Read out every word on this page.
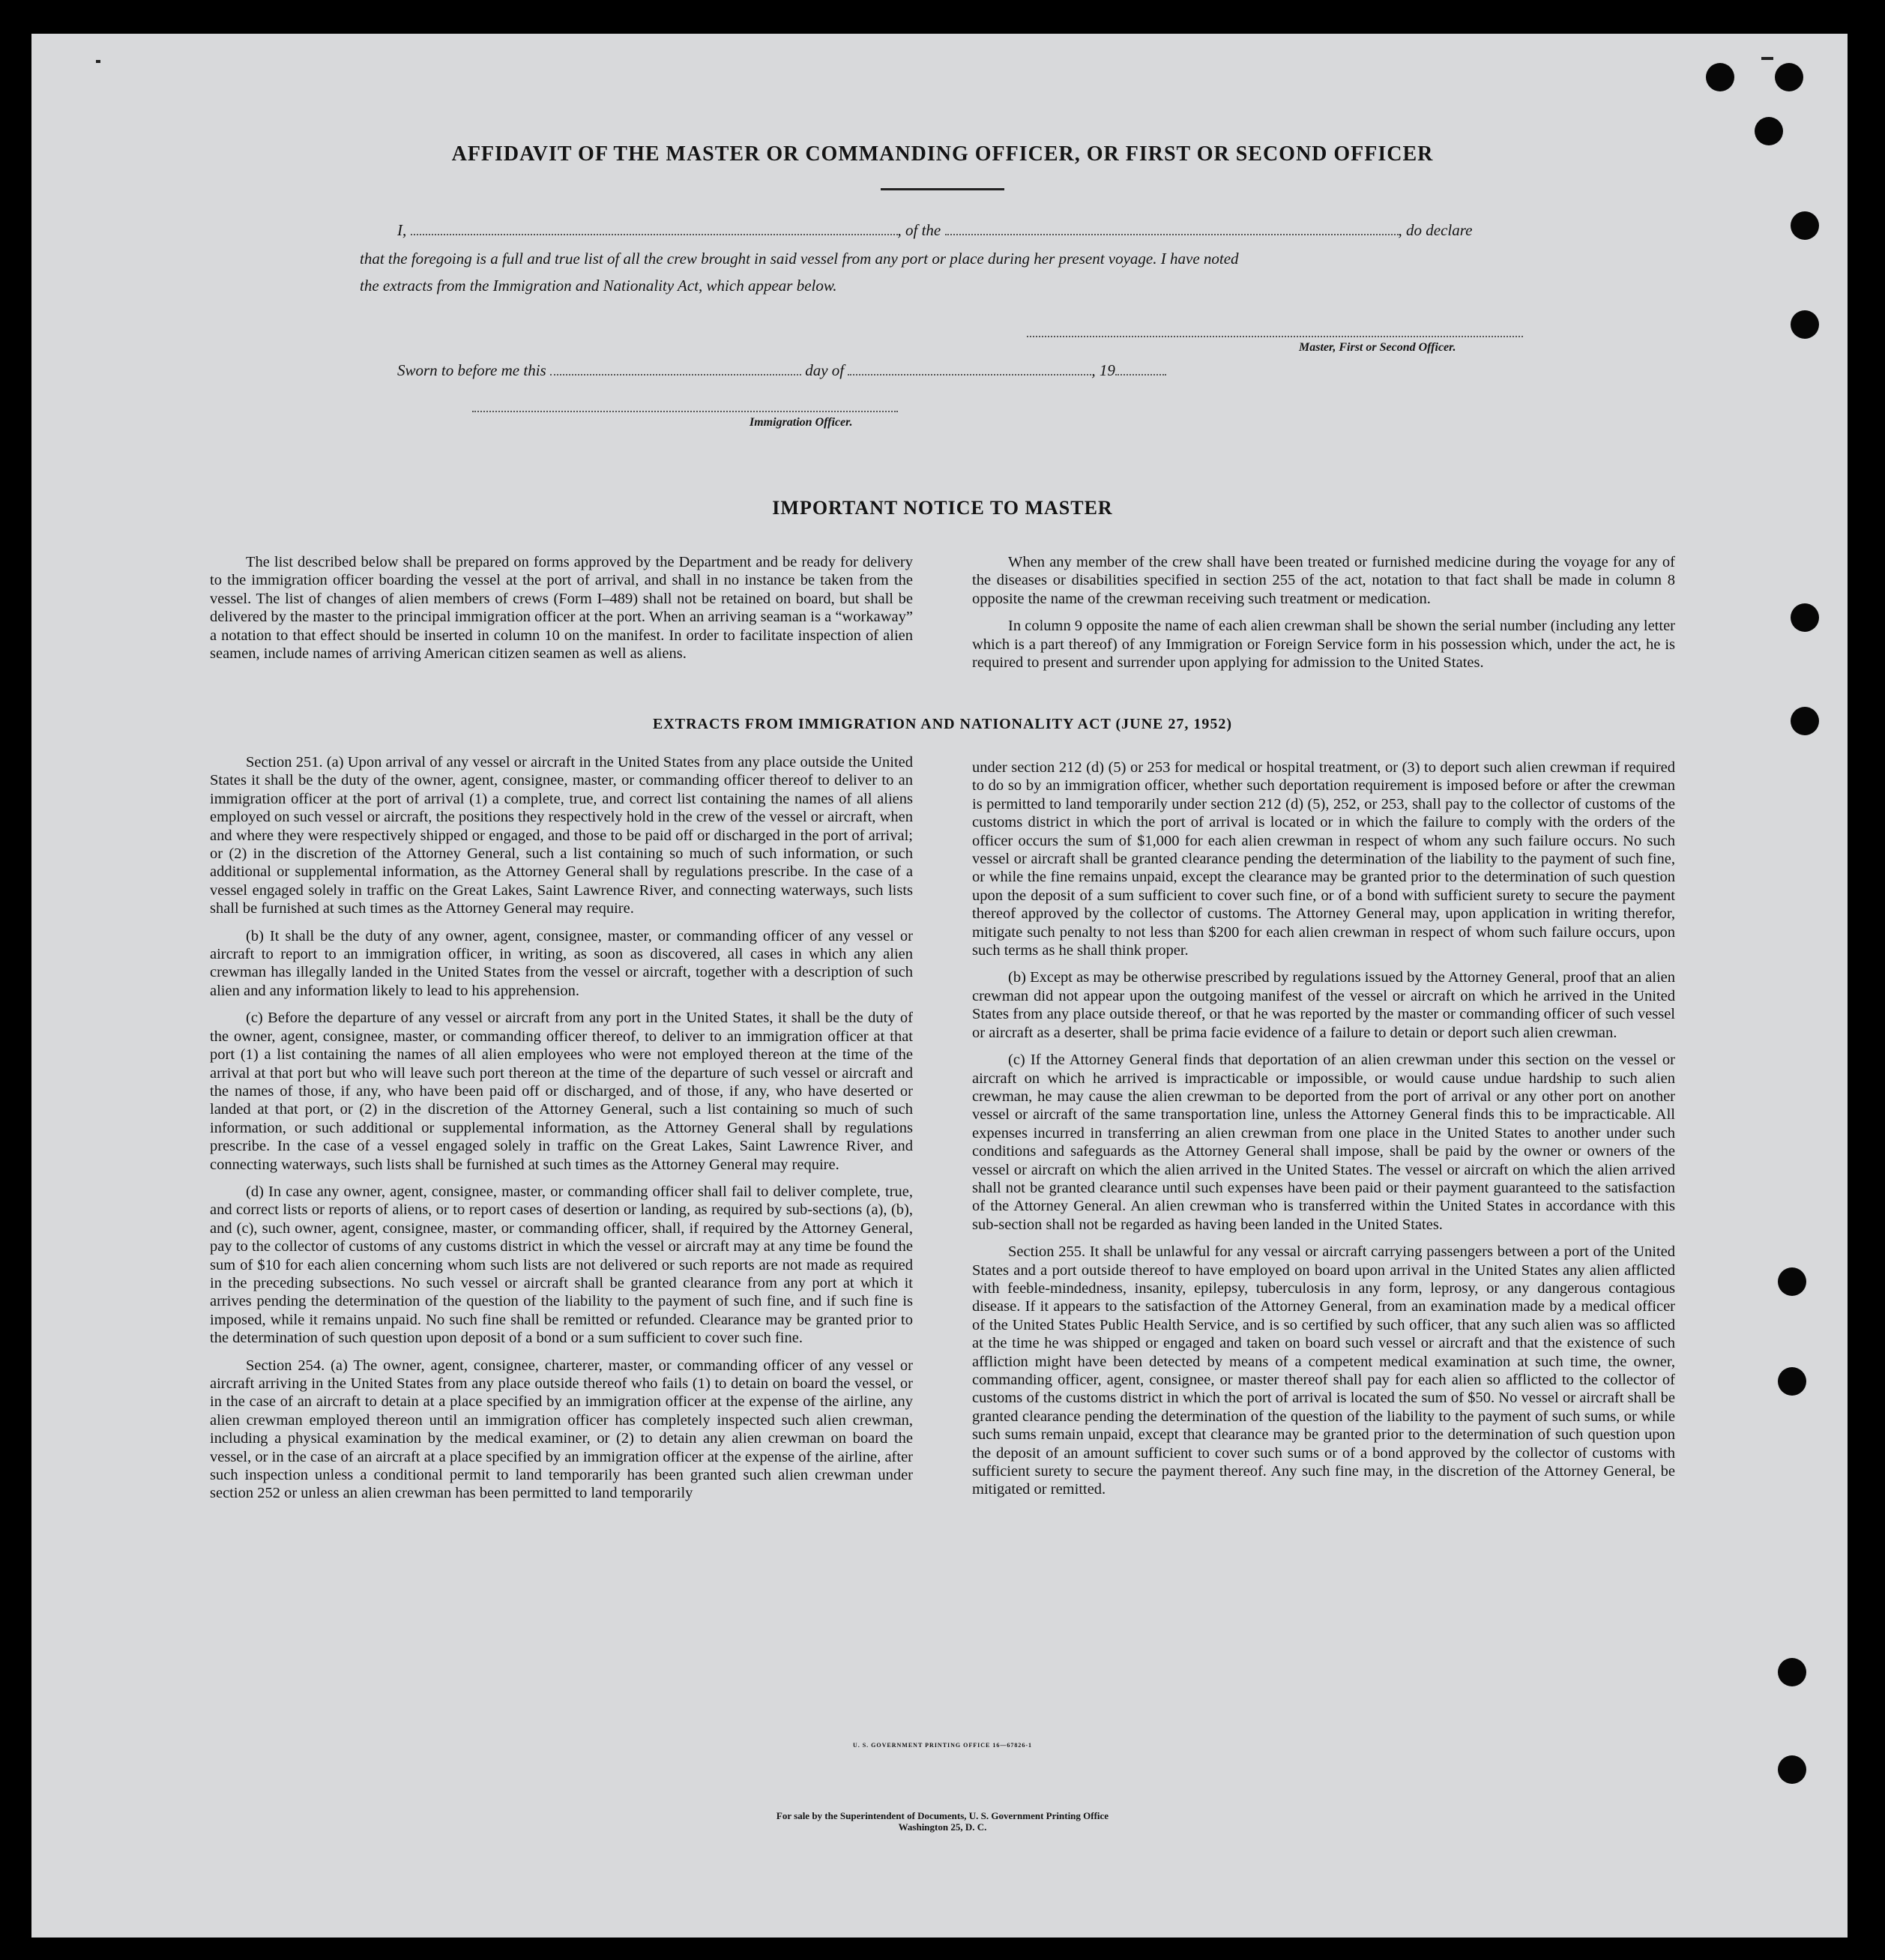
AFFIDAVIT OF THE MASTER OR COMMANDING OFFICER, OR FIRST OR SECOND OFFICER
I,	, of the	, do declare
that the foregoing is a full and true list of all the crew brought in said vessel from any port or place during her present voyage. I have noted
the extracts from the Immigration and Nationality Act, which appear below.
Master, First or Second Officer.
Sworn to before me this	day of	, 19
Immigration Officer.
IMPORTANT NOTICE TO MASTER

The list described below shall be prepared on forms approved by the Department and be ready for delivery to the immigration officer boarding the vessel at the port of arrival, and shall in no instance be taken from the vessel. The list of changes of alien members of crews (Form I–489) shall not be retained on board, but shall be delivered by the master to the principal immigration officer at the port. When an arriving seaman is a “workaway” a notation to that effect should be inserted in column 10 on the manifest. In order to facilitate inspection of alien seamen, include names of arriving American citizen seamen as well as aliens.

When any member of the crew shall have been treated or furnished medicine during the voyage for any of the diseases or disabilities specified in section 255 of the act, notation to that fact shall be made in column 8 opposite the name of the crewman receiving such treatment or medication.

In column 9 opposite the name of each alien crewman shall be shown the serial number (including any letter which is a part thereof) of any Immigration or Foreign Service form in his possession which, under the act, he is required to present and surrender upon applying for admission to the United States.

EXTRACTS FROM IMMIGRATION AND NATIONALITY ACT (JUNE 27, 1952)

Section 251. (a) Upon arrival of any vessel or aircraft in the United States from any place outside the United States it shall be the duty of the owner, agent, consignee, master, or commanding officer thereof to deliver to an immigration officer at the port of arrival (1) a complete, true, and correct list containing the names of all aliens employed on such vessel or aircraft, the positions they respectively hold in the crew of the vessel or aircraft, when and where they were respectively shipped or engaged, and those to be paid off or discharged in the port of arrival; or (2) in the discretion of the Attorney General, such a list containing so much of such information, or such additional or supplemental information, as the Attorney General shall by regulations prescribe. In the case of a vessel engaged solely in traffic on the Great Lakes, Saint Lawrence River, and connecting waterways, such lists shall be furnished at such times as the Attorney General may require.

(b) It shall be the duty of any owner, agent, consignee, master, or commanding officer of any vessel or aircraft to report to an immigration officer, in writing, as soon as discovered, all cases in which any alien crewman has illegally landed in the United States from the vessel or aircraft, together with a description of such alien and any information likely to lead to his apprehension.

(c) Before the departure of any vessel or aircraft from any port in the United States, it shall be the duty of the owner, agent, consignee, master, or commanding officer thereof, to deliver to an immigration officer at that port (1) a list containing the names of all alien employees who were not employed thereon at the time of the arrival at that port but who will leave such port thereon at the time of the departure of such vessel or aircraft and the names of those, if any, who have been paid off or discharged, and of those, if any, who have deserted or landed at that port, or (2) in the discretion of the Attorney General, such a list containing so much of such information, or such additional or supplemental information, as the Attorney General shall by regulations prescribe. In the case of a vessel engaged solely in traffic on the Great Lakes, Saint Lawrence River, and connecting waterways, such lists shall be furnished at such times as the Attorney General may require.

(d) In case any owner, agent, consignee, master, or commanding officer shall fail to deliver complete, true, and correct lists or reports of aliens, or to report cases of desertion or landing, as required by sub-sections (a), (b), and (c), such owner, agent, consignee, master, or commanding officer, shall, if required by the Attorney General, pay to the collector of customs of any customs district in which the vessel or aircraft may at any time be found the sum of $10 for each alien concerning whom such lists are not delivered or such reports are not made as required in the preceding subsections. No such vessel or aircraft shall be granted clearance from any port at which it arrives pending the determination of the question of the liability to the payment of such fine, and if such fine is imposed, while it remains unpaid. No such fine shall be remitted or refunded. Clearance may be granted prior to the determination of such question upon deposit of a bond or a sum sufficient to cover such fine.

Section 254. (a) The owner, agent, consignee, charterer, master, or commanding officer of any vessel or aircraft arriving in the United States from any place outside thereof who fails (1) to detain on board the vessel, or in the case of an aircraft to detain at a place specified by an immigration officer at the expense of the airline, any alien crewman employed thereon until an immigration officer has completely inspected such alien crewman, including a physical examination by the medical examiner, or (2) to detain any alien crewman on board the vessel, or in the case of an aircraft at a place specified by an immigration officer at the expense of the airline, after such inspection unless a conditional permit to land temporarily has been granted such alien crewman under section 252 or unless an alien crewman has been permitted to land temporarily

under section 212 (d) (5) or 253 for medical or hospital treatment, or (3) to deport such alien crewman if required to do so by an immigration officer, whether such deportation requirement is imposed before or after the crewman is permitted to land temporarily under section 212 (d) (5), 252, or 253, shall pay to the collector of customs of the customs district in which the port of arrival is located or in which the failure to comply with the orders of the officer occurs the sum of $1,000 for each alien crewman in respect of whom any such failure occurs. No such vessel or aircraft shall be granted clearance pending the determination of the liability to the payment of such fine, or while the fine remains unpaid, except the clearance may be granted prior to the determination of such question upon the deposit of a sum sufficient to cover such fine, or of a bond with sufficient surety to secure the payment thereof approved by the collector of customs. The Attorney General may, upon application in writing therefor, mitigate such penalty to not less than $200 for each alien crewman in respect of whom such failure occurs, upon such terms as he shall think proper.

(b) Except as may be otherwise prescribed by regulations issued by the Attorney General, proof that an alien crewman did not appear upon the outgoing manifest of the vessel or aircraft on which he arrived in the United States from any place outside thereof, or that he was reported by the master or commanding officer of such vessel or aircraft as a deserter, shall be prima facie evidence of a failure to detain or deport such alien crewman.

(c) If the Attorney General finds that deportation of an alien crewman under this section on the vessel or aircraft on which he arrived is impracticable or impossible, or would cause undue hardship to such alien crewman, he may cause the alien crewman to be deported from the port of arrival or any other port on another vessel or aircraft of the same transportation line, unless the Attorney General finds this to be impracticable. All expenses incurred in transferring an alien crewman from one place in the United States to another under such conditions and safeguards as the Attorney General shall impose, shall be paid by the owner or owners of the vessel or aircraft on which the alien arrived in the United States. The vessel or aircraft on which the alien arrived shall not be granted clearance until such expenses have been paid or their payment guaranteed to the satisfaction of the Attorney General. An alien crewman who is transferred within the United States in accordance with this sub-section shall not be regarded as having been landed in the United States.

Section 255. It shall be unlawful for any vessal or aircraft carrying passengers between a port of the United States and a port outside thereof to have employed on board upon arrival in the United States any alien afflicted with feeble-mindedness, insanity, epilepsy, tuberculosis in any form, leprosy, or any dangerous contagious disease. If it appears to the satisfaction of the Attorney General, from an examination made by a medical officer of the United States Public Health Service, and is so certified by such officer, that any such alien was so afflicted at the time he was shipped or engaged and taken on board such vessel or aircraft and that the existence of such affliction might have been detected by means of a competent medical examination at such time, the owner, commanding officer, agent, consignee, or master thereof shall pay for each alien so afflicted to the collector of customs of the customs district in which the port of arrival is located the sum of $50. No vessel or aircraft shall be granted clearance pending the determination of the question of the liability to the payment of such sums, or while such sums remain unpaid, except that clearance may be granted prior to the determination of such question upon the deposit of an amount sufficient to cover such sums or of a bond approved by the collector of customs with sufficient surety to secure the payment thereof. Any such fine may, in the discretion of the Attorney General, be mitigated or remitted.

U. S. GOVERNMENT PRINTING OFFICE 16—67826-1
For sale by the Superintendent of Documents, U. S. Government Printing Office
Washington 25, D. C.
